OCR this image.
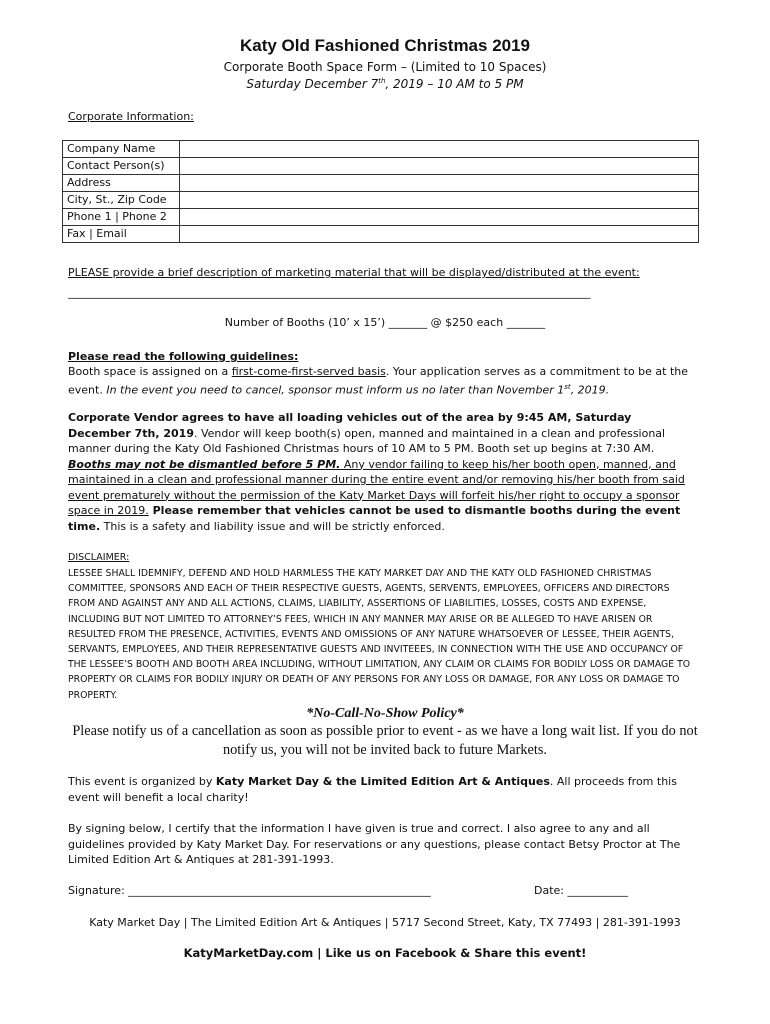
Katy Old Fashioned Christmas 2019
Corporate Booth Space Form – (Limited to 10 Spaces)
Saturday December 7th, 2019 – 10 AM to 5 PM
Corporate Information:
Company Name	
Contact Person(s)	
Address	
City, St., Zip Code	
Phone 1 | Phone 2	
Fax | Email	
PLEASE provide a brief description of marketing material that will be displayed/distributed at the event:
_______________________________________________________________________________________________
Number of Booths (10’ x 15’) _______ @ $250 each _______
Please read the following guidelines:
Booth space is assigned on a first-come-first-served basis. Your application serves as a commitment to be at the event. In the event you need to cancel, sponsor must inform us no later than November 1st, 2019.
Corporate Vendor agrees to have all loading vehicles out of the area by 9:45 AM, Saturday December 7th, 2019. Vendor will keep booth(s) open, manned and maintained in a clean and professional manner during the Katy Old Fashioned Christmas hours of 10 AM to 5 PM. Booth set up begins at 7:30 AM. Booths may not be dismantled before 5 PM. Any vendor failing to keep his/her booth open, manned, and maintained in a clean and professional manner during the entire event and/or removing his/her booth from said event prematurely without the permission of the Katy Market Days will forfeit his/her right to occupy a sponsor space in 2019. Please remember that vehicles cannot be used to dismantle booths during the event time. This is a safety and liability issue and will be strictly enforced.
DISCLAIMER:
LESSEE SHALL IDEMNIFY, DEFEND AND HOLD HARMLESS THE KATY MARKET DAY AND THE KATY OLD FASHIONED CHRISTMAS COMMITTEE, SPONSORS AND EACH OF THEIR RESPECTIVE GUESTS, AGENTS, SERVENTS, EMPLOYEES, OFFICERS AND DIRECTORS FROM AND AGAINST ANY AND ALL ACTIONS, CLAIMS, LIABILITY, ASSERTIONS OF LIABILITIES, LOSSES, COSTS AND EXPENSE, INCLUDING BUT NOT LIMITED TO ATTORNEY’S FEES, WHICH IN ANY MANNER MAY ARISE OR BE ALLEGED TO HAVE ARISEN OR RESULTED FROM THE PRESENCE, ACTIVITIES, EVENTS AND OMISSIONS OF ANY NATURE WHATSOEVER OF LESSEE, THEIR AGENTS, SERVANTS, EMPLOYEES, AND THEIR REPRESENTATIVE GUESTS AND INVITEEES, IN CONNECTION WITH THE USE AND OCCUPANCY OF THE LESSEE’S BOOTH AND BOOTH AREA INCLUDING, WITHOUT LIMITATION, ANY CLAIM OR CLAIMS FOR BODILY LOSS OR DAMAGE TO PROPERTY OR CLAIMS FOR BODILY INJURY OR DEATH OF ANY PERSONS FOR ANY LOSS OR DAMAGE, FOR ANY LOSS OR DAMAGE TO PROPERTY.
*No-Call-No-Show Policy*
Please notify us of a cancellation as soon as possible prior to event - as we have a long wait list. If you do not notify us, you will not be invited back to future Markets.
This event is organized by Katy Market Day & the Limited Edition Art & Antiques. All proceeds from this event will benefit a local charity!
By signing below, I certify that the information I have given is true and correct. I also agree to any and all guidelines provided by Katy Market Day. For reservations or any questions, please contact Betsy Proctor at The Limited Edition Art & Antiques at 281-391-1993.
Signature: _______________________________________________________	Date: ___________
Katy Market Day | The Limited Edition Art & Antiques | 5717 Second Street, Katy, TX 77493 | 281-391-1993
KatyMarketDay.com | Like us on Facebook & Share this event!
